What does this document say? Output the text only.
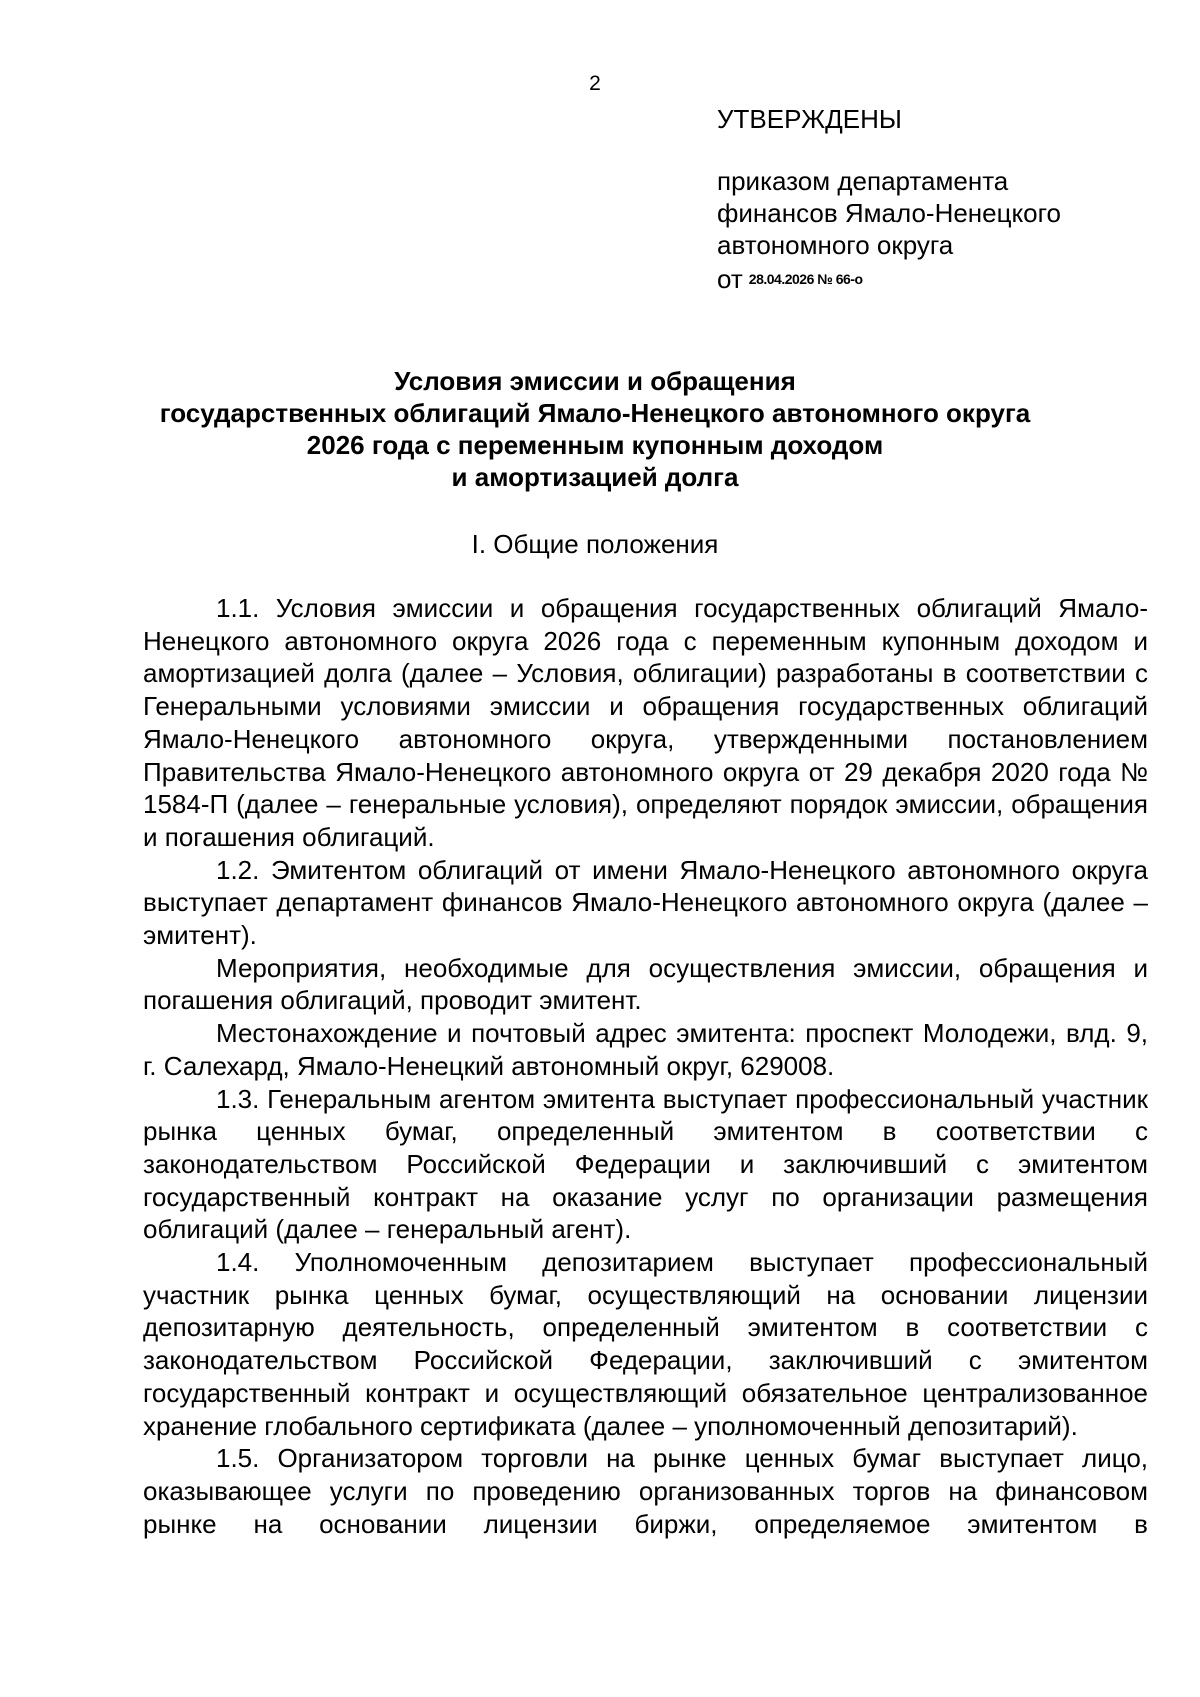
2
УТВЕРЖДЕНЫ
приказом департамента
финансов Ямало-Ненецкого
автономного округа
от 28.04.2026 № 66-о
Условия эмиссии и обращения
государственных облигаций Ямало-Ненецкого автономного округа
2026 года с переменным купонным доходом
и амортизацией долга
I. Общие положения

1.1. Условия эмиссии и обращения государственных облигаций Ямало-Ненецкого автономного округа 2026 года с переменным купонным доходом и амортизацией долга (далее – Условия, облигации) разработаны в соответствии с Генеральными условиями эмиссии и обращения государственных облигаций Ямало-Ненецкого автономного округа, утвержденными постановлением Правительства Ямало-Ненецкого автономного округа от 29 декабря 2020 года № 1584-П (далее – генеральные условия), определяют порядок эмиссии, обращения и погашения облигаций.

1.2. Эмитентом облигаций от имени Ямало-Ненецкого автономного округа выступает департамент финансов Ямало-Ненецкого автономного округа (далее – эмитент).

Мероприятия, необходимые для осуществления эмиссии, обращения и погашения облигаций, проводит эмитент.

Местонахождение и почтовый адрес эмитента: проспект Молодежи, влд. 9, г. Салехард, Ямало-Ненецкий автономный округ, 629008.

1.3. Генеральным агентом эмитента выступает профессиональный участник рынка ценных бумаг, определенный эмитентом в соответствии с законодательством Российской Федерации и заключивший с эмитентом государственный контракт на оказание услуг по организации размещения облигаций (далее – генеральный агент).

1.4. Уполномоченным депозитарием выступает профессиональный участник рынка ценных бумаг, осуществляющий на основании лицензии депозитарную деятельность, определенный эмитентом в соответствии с законодательством Российской Федерации, заключивший с эмитентом государственный контракт и осуществляющий обязательное централизованное хранение глобального сертификата (далее – уполномоченный депозитарий).

1.5. Организатором торговли на рынке ценных бумаг выступает лицо, оказывающее услуги по проведению организованных торгов на финансовом рынке на основании лицензии биржи, определяемое эмитентом в
